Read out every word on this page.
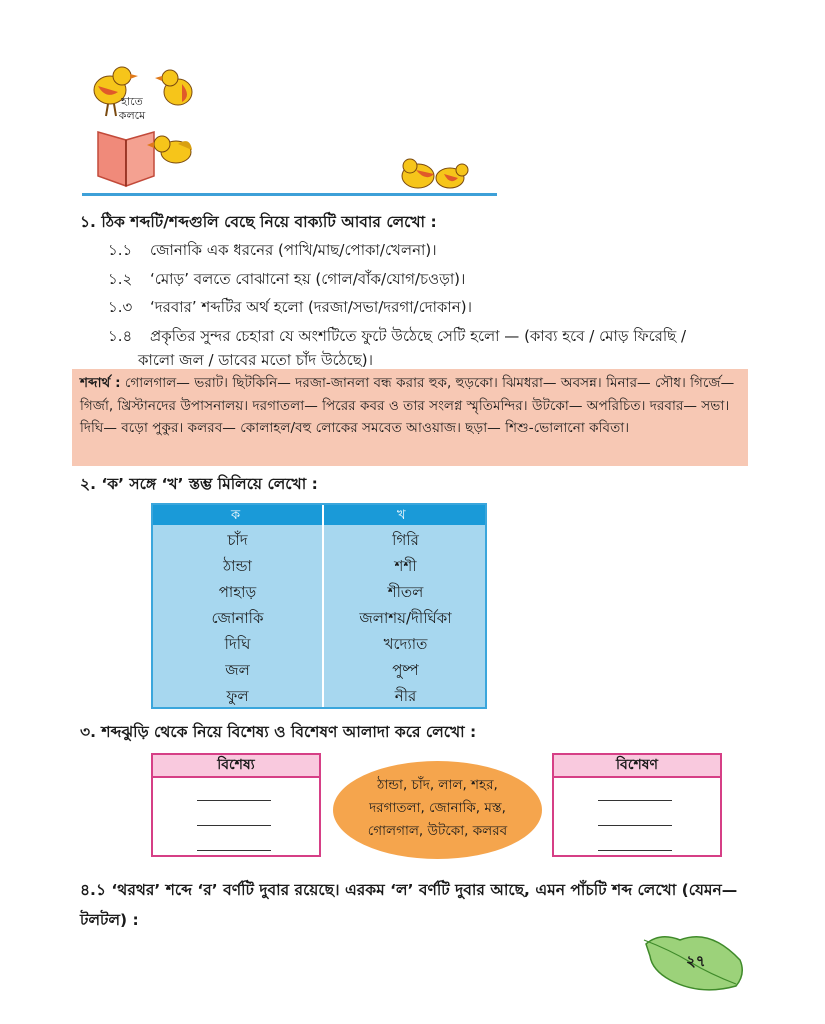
হাতে কলমে
১. ঠিক শব্দটি/শব্দগুলি বেছে নিয়ে বাক্যটি আবার লেখো :
১.১ জোনাকি এক ধরনের (পাখি/মাছ/পোকা/খেলনা)।
১.২ ‘মোড়’ বলতে বোঝানো হয় (গোল/বাঁক/যোগ/চওড়া)।
১.৩ ‘দরবার’ শব্দটির অর্থ হলো (দরজা/সভা/দরগা/দোকান)।
১.৪ প্রকৃতির সুন্দর চেহারা যে অংশটিতে ফুটে উঠেছে সেটি হলো — (কাব্য হবে / মোড় ফিরেছি /
কালো জল / ডাবের মতো চাঁদ উঠেছে)।
শব্দার্থ : গোলগাল— ভরাট। ছিটকিনি— দরজা-জানলা বন্ধ করার হুক, হুড়কো। ঝিমধরা— অবসন্ন। মিনার— সৌধ। গির্জে— গির্জা, খ্রিস্টানদের উপাসনালয়। দরগাতলা— পিরের কবর ও তার সংলগ্ন স্মৃতিমন্দির। উটকো— অপরিচিত। দরবার— সভা। দিঘি— বড়ো পুকুর। কলরব— কোলাহল/বহু লোকের সমবেত আওয়াজ। ছড়া— শিশু-ভোলানো কবিতা।
২. ‘ক’ সঙ্গে ‘খ’ স্তম্ভ মিলিয়ে লেখো :
ক	খ
চাঁদ
ঠান্ডা
পাহাড়
জোনাকি
দিঘি
জল
ফুল
গিরি
শশী
শীতল
জলাশয়/দীর্ঘিকা
খদ্যোত
পুষ্প
নীর
৩. শব্দঝুড়ি থেকে নিয়ে বিশেষ্য ও বিশেষণ আলাদা করে লেখো :
বিশেষ্য
ঠান্ডা, চাঁদ, লাল, শহর,
দরগাতলা, জোনাকি, মস্ত,
গোলগাল, উটকো, কলরব
বিশেষণ
৪.১ ‘থরথর’ শব্দে ‘র’ বর্ণটি দুবার রয়েছে। এরকম ‘ল’ বর্ণটি দুবার আছে, এমন পাঁচটি শব্দ লেখো (যেমন—টলটল) :
২৭
